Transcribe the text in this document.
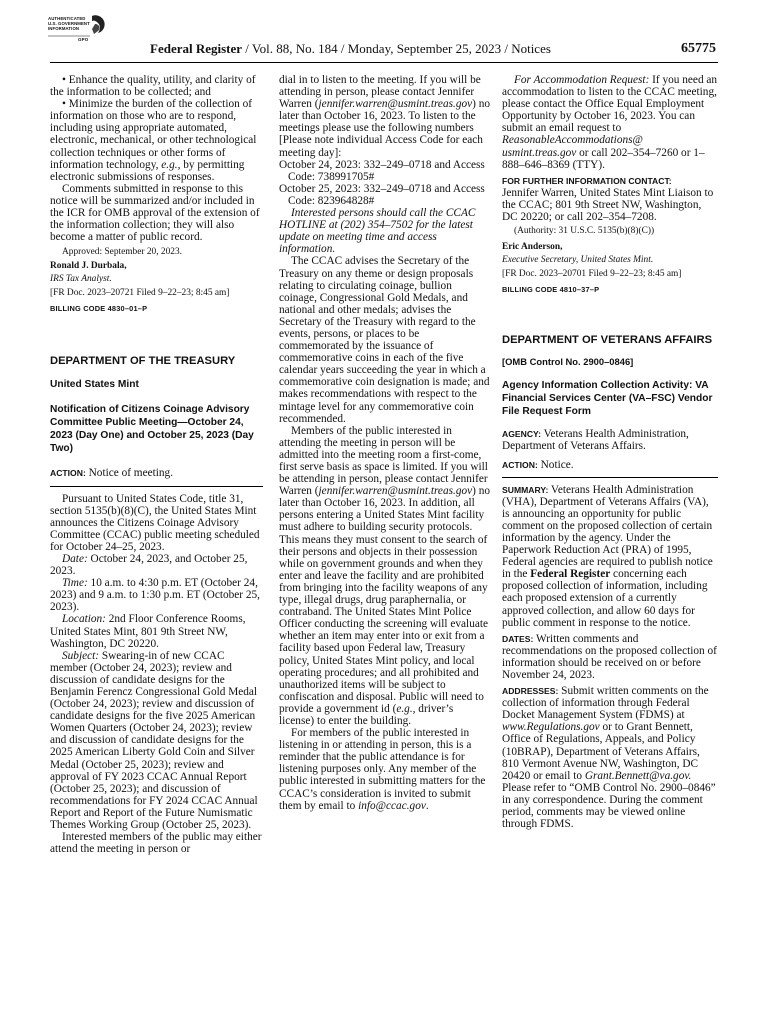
AUTHENTICATED
U.S. GOVERNMENT
INFORMATION
GPO
Federal Register / Vol. 88, No. 184 / Monday, September 25, 2023 / Notices	65775

• Enhance the quality, utility, and clarity of the information to be collected; and

• Minimize the burden of the collection of information on those who are to respond, including using appropriate automated, electronic, mechanical, or other technological collection techniques or other forms of information technology, e.g., by permitting electronic submissions of responses.

Comments submitted in response to this notice will be summarized and/or included in the ICR for OMB approval of the extension of the information collection; they will also become a matter of public record.

Approved: September 20, 2023.

Ronald J. Durbala,

IRS Tax Analyst.

[FR Doc. 2023–20721 Filed 9–22–23; 8:45 am]

BILLING CODE 4830–01–P

DEPARTMENT OF THE TREASURY

United States Mint

Notification of Citizens Coinage Advisory Committee Public Meeting—October 24, 2023 (Day One) and October 25, 2023 (Day Two)

ACTION: Notice of meeting.

Pursuant to United States Code, title 31, section 5135(b)(8)(C), the United States Mint announces the Citizens Coinage Advisory Committee (CCAC) public meeting scheduled for October 24–25, 2023.

Date: October 24, 2023, and October 25, 2023.

Time: 10 a.m. to 4:30 p.m. ET (October 24, 2023) and 9 a.m. to 1:30 p.m. ET (October 25, 2023).

Location: 2nd Floor Conference Rooms, United States Mint, 801 9th Street NW, Washington, DC 20220.

Subject: Swearing-in of new CCAC member (October 24, 2023); review and discussion of candidate designs for the Benjamin Ferencz Congressional Gold Medal (October 24, 2023); review and discussion of candidate designs for the five 2025 American Women Quarters (October 24, 2023); review and discussion of candidate designs for the 2025 American Liberty Gold Coin and Silver Medal (October 25, 2023); review and approval of FY 2023 CCAC Annual Report (October 25, 2023); and discussion of recommendations for FY 2024 CCAC Annual Report and Report of the Future Numismatic Themes Working Group (October 25, 2023).

Interested members of the public may either attend the meeting in person or

dial in to listen to the meeting. If you will be attending in person, please contact Jennifer Warren (jennifer.warren@usmint.treas.gov) no later than October 16, 2023. To listen to the meetings please use the following numbers [Please note individual Access Code for each meeting day]:

October 24, 2023: 332–249–0718 and Access Code: 738991705#

October 25, 2023: 332–249–0718 and Access Code: 823964828#

Interested persons should call the CCAC HOTLINE at (202) 354–7502 for the latest update on meeting time and access information.

The CCAC advises the Secretary of the Treasury on any theme or design proposals relating to circulating coinage, bullion coinage, Congressional Gold Medals, and national and other medals; advises the Secretary of the Treasury with regard to the events, persons, or places to be commemorated by the issuance of commemorative coins in each of the five calendar years succeeding the year in which a commemorative coin designation is made; and makes recommendations with respect to the mintage level for any commemorative coin recommended.

Members of the public interested in attending the meeting in person will be admitted into the meeting room a first-come, first serve basis as space is limited. If you will be attending in person, please contact Jennifer Warren (jennifer.warren@usmint.treas.gov) no later than October 16, 2023. In addition, all persons entering a United States Mint facility must adhere to building security protocols. This means they must consent to the search of their persons and objects in their possession while on government grounds and when they enter and leave the facility and are prohibited from bringing into the facility weapons of any type, illegal drugs, drug paraphernalia, or contraband. The United States Mint Police Officer conducting the screening will evaluate whether an item may enter into or exit from a facility based upon Federal law, Treasury policy, United States Mint policy, and local operating procedures; and all prohibited and unauthorized items will be subject to confiscation and disposal. Public will need to provide a government id (e.g., driver’s license) to enter the building.

For members of the public interested in listening in or attending in person, this is a reminder that the public attendance is for listening purposes only. Any member of the public interested in submitting matters for the CCAC’s consideration is invited to submit them by email to info@ccac.gov.

For Accommodation Request: If you need an accommodation to listen to the CCAC meeting, please contact the Office Equal Employment Opportunity by October 16, 2023. You can submit an email request to ReasonableAccommodations@ usmint.treas.gov or call 202–354–7260 or 1–888–646–8369 (TTY).

FOR FURTHER INFORMATION CONTACT:

Jennifer Warren, United States Mint Liaison to the CCAC; 801 9th Street NW, Washington, DC 20220; or call 202–354–7208.

(Authority: 31 U.S.C. 5135(b)(8)(C))

Eric Anderson,

Executive Secretary, United States Mint.

[FR Doc. 2023–20701 Filed 9–22–23; 8:45 am]

BILLING CODE 4810–37–P

DEPARTMENT OF VETERANS AFFAIRS

[OMB Control No. 2900–0846]

Agency Information Collection Activity: VA Financial Services Center (VA–FSC) Vendor File Request Form

AGENCY: Veterans Health Administration, Department of Veterans Affairs.

ACTION: Notice.

SUMMARY: Veterans Health Administration (VHA), Department of Veterans Affairs (VA), is announcing an opportunity for public comment on the proposed collection of certain information by the agency. Under the Paperwork Reduction Act (PRA) of 1995, Federal agencies are required to publish notice in the Federal Register concerning each proposed collection of information, including each proposed extension of a currently approved collection, and allow 60 days for public comment in response to the notice.

DATES: Written comments and recommendations on the proposed collection of information should be received on or before November 24, 2023.

ADDRESSES: Submit written comments on the collection of information through Federal Docket Management System (FDMS) at www.Regulations.gov or to Grant Bennett, Office of Regulations, Appeals, and Policy (10BRAP), Department of Veterans Affairs, 810 Vermont Avenue NW, Washington, DC 20420 or email to Grant.Bennett@va.gov. Please refer to “OMB Control No. 2900–0846” in any correspondence. During the comment period, comments may be viewed online through FDMS.
